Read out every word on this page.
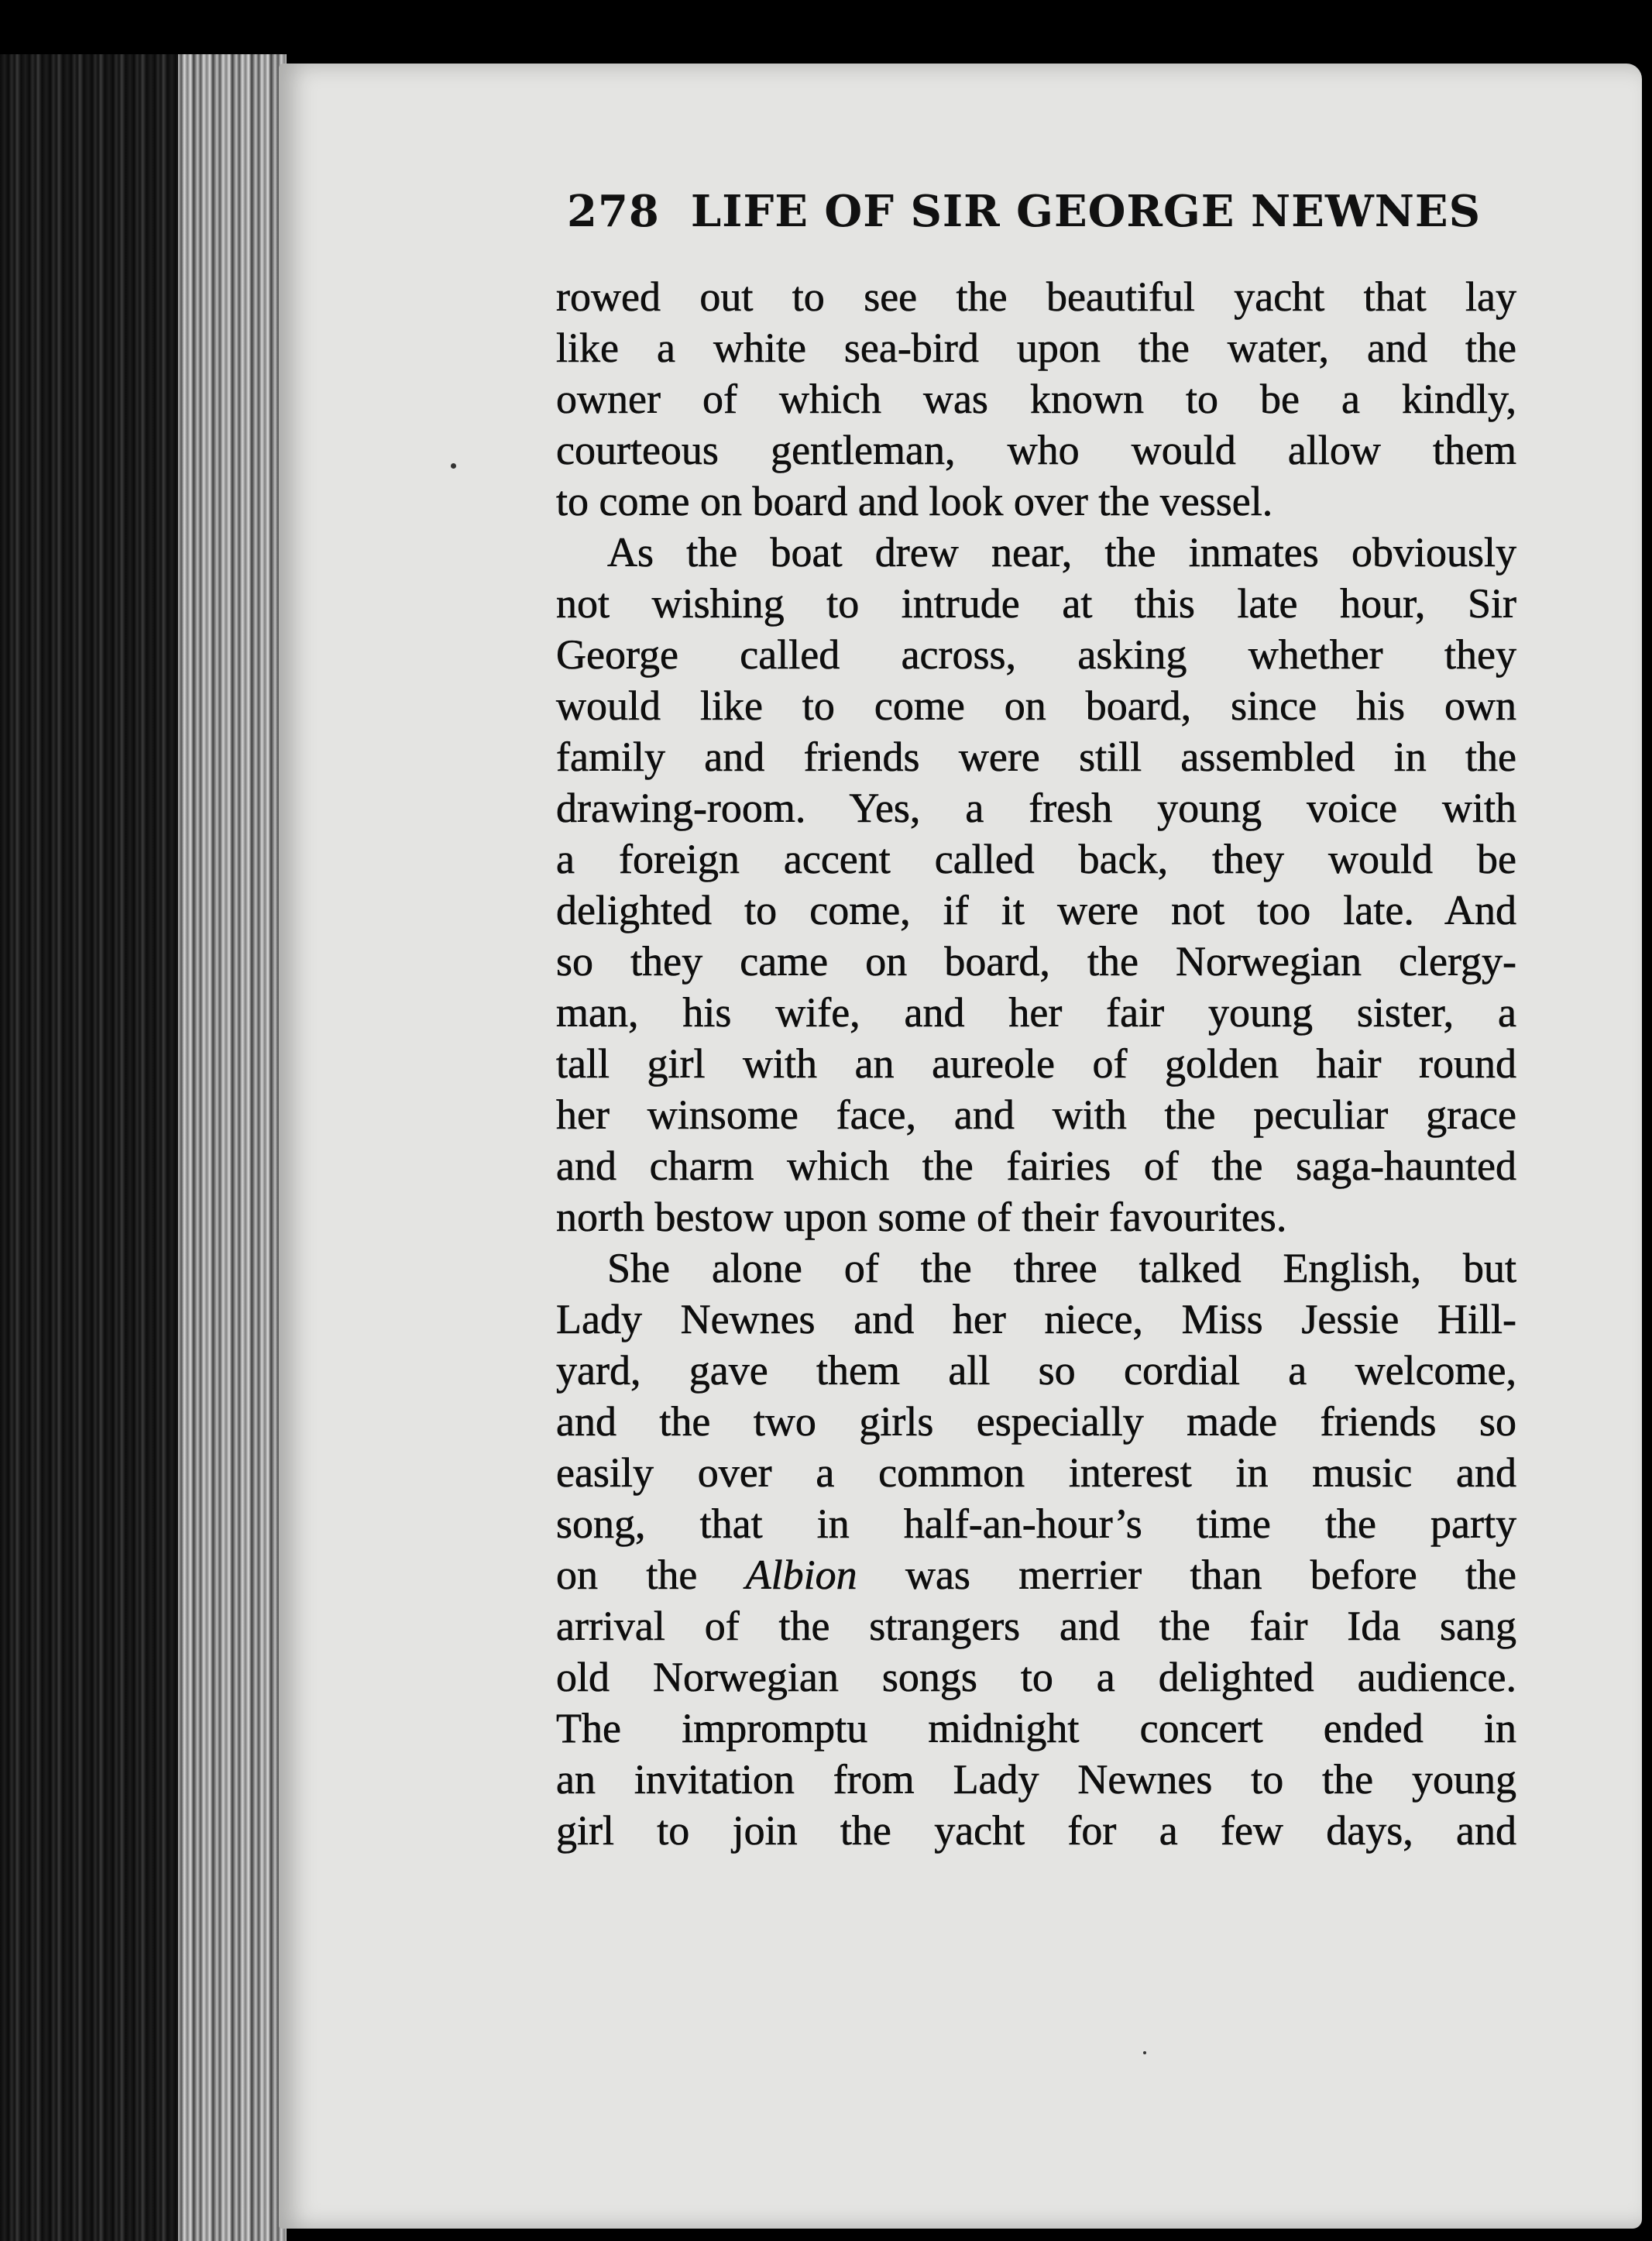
278 LIFE OF SIR GEORGE NEWNES
rowed out to see the beautiful yacht that lay
like a white sea-bird upon the water, and the
owner of which was known to be a kindly,
courteous gentleman, who would allow them
to come on board and look over the vessel.
As the boat drew near, the inmates obviously
not wishing to intrude at this late hour, Sir
George called across, asking whether they
would like to come on board, since his own
family and friends were still assembled in the
drawing-room. Yes, a fresh young voice with
a foreign accent called back, they would be
delighted to come, if it were not too late. And
so they came on board, the Norwegian clergy-
man, his wife, and her fair young sister, a
tall girl with an aureole of golden hair round
her winsome face, and with the peculiar grace
and charm which the fairies of the saga-haunted
north bestow upon some of their favourites.
She alone of the three talked English, but
Lady Newnes and her niece, Miss Jessie Hill-
yard, gave them all so cordial a welcome,
and the two girls especially made friends so
easily over a common interest in music and
song, that in half-an-hour’s time the party
on the Albion was merrier than before the
arrival of the strangers and the fair Ida sang
old Norwegian songs to a delighted audience.
The impromptu midnight concert ended in
an invitation from Lady Newnes to the young
girl to join the yacht for a few days, and
